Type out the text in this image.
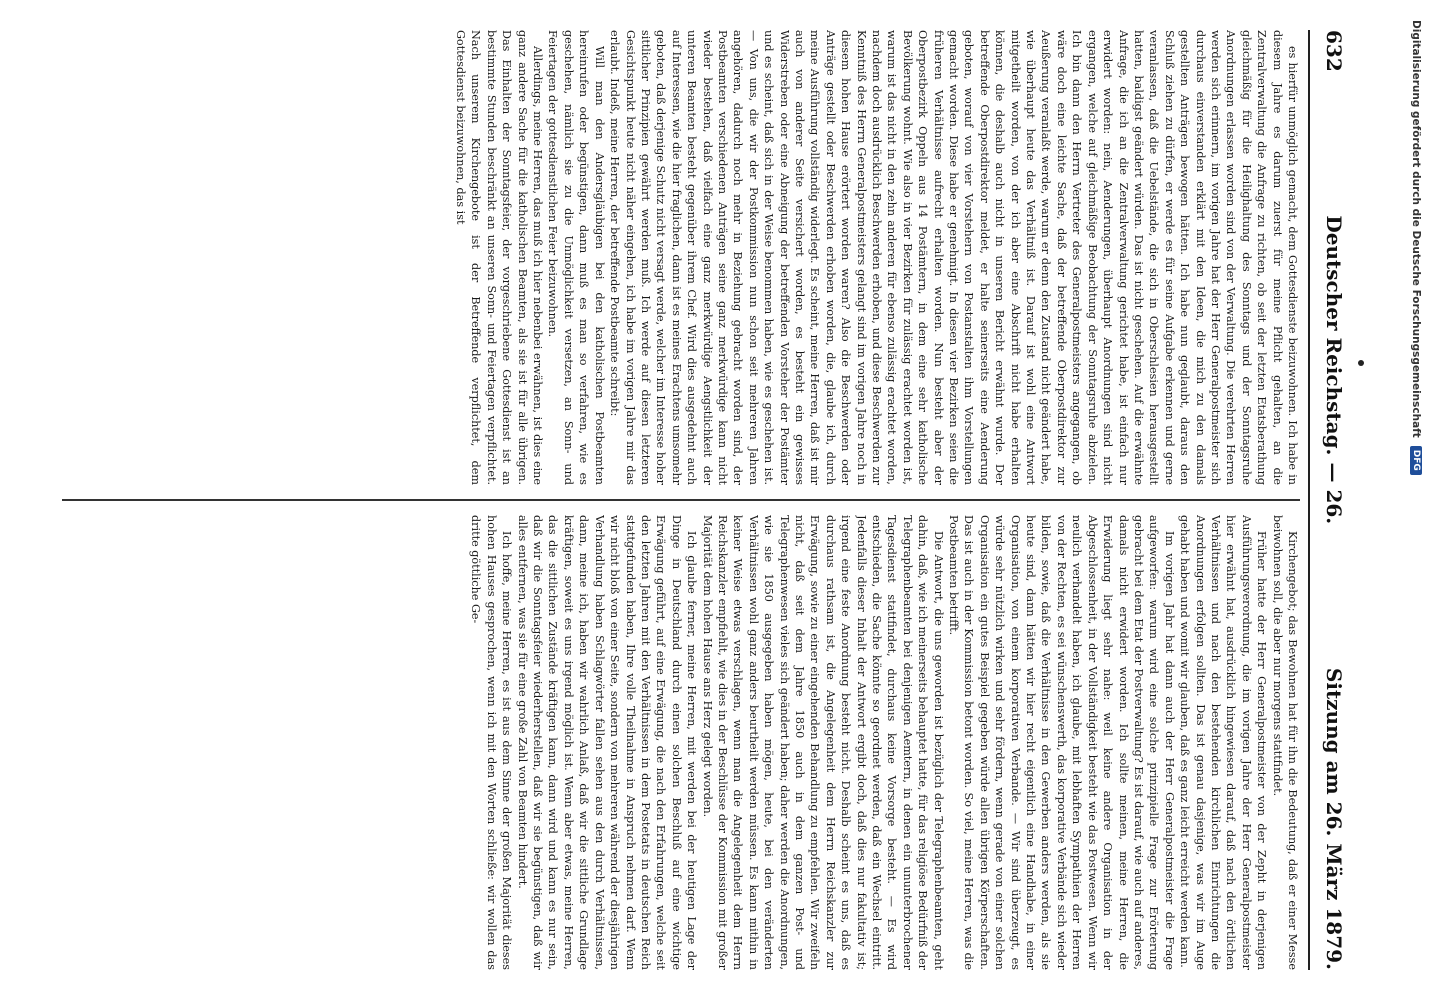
632
Deutscher Reichstag. — 26.
Sitzung am 26. März 1879.

es hierfür unmöglich gemacht, dem Gottesdienste beizuwohnen. Ich habe in diesem Jahre es darum zuerst für meine Pflicht gehalten, an die Zentralverwaltung die Anfrage zu richten, ob seit der letzten Etatsberathung gleichmäßig für die Heilighaltung des Sonntags und der Sonntagsruhe Anordnungen erlassen worden sind von der Verwaltung. Die verehrten Herren werden sich erinnern, im vorigen Jahre hat der Herr Generalpostmeister sich durchaus einverstanden erklärt mit den Ideen, die mich zu den damals gestellten Anträgen bewogen hätten. Ich habe nun geglaubt, daraus den Schluß ziehen zu dürfen, er werde es für seine Aufgabe erkennen und gerne veranlassen, daß die Uebelstände, die sich in Oberschlesien herausgestellt hatten, baldigst geändert würden. Das ist nicht geschehen. Auf die erwähnte Anfrage, die ich an die Zentralverwaltung gerichtet habe, ist einfach nur erwidert worden: nein, Aenderungen, überhaupt Anordnungen sind nicht ergangen, welche auf gleichmäßige Beobachtung der Sonntagsruhe abzielen. Ich bin dann den Herrn Vertreter des Generalpostmeisters angegangen, ob wäre doch eine leichte Sache, daß der betreffende Oberpostdirektor zur Aeußerung veranlaßt werde, warum er denn den Zustand nicht geändert habe, wie überhaupt heute das Verhältniß ist. Darauf ist wohl eine Antwort mitgetheilt worden, von der ich aber eine Abschrift nicht habe erhalten können, die deshalb auch nicht in unseren Bericht erwähnt wurde. Der betreffende Oberpostdirektor meldet, er halte seinerseits eine Aenderung geboten, worauf von vier Vorstehern von Postanstalten ihm Vorstellungen gemacht worden. Diese habe er genehmigt. In diesen vier Bezirken seien die früheren Verhältnisse aufrecht erhalten worden. Nun besteht aber der Oberpostbezirk Oppeln aus 14 Postämtern, in dem eine sehr katholische Bevölkerung wohnt. Wie also in vier Bezirken für zulässig erachtet worden ist, warum ist das nicht in den zehn anderen für ebenso zulässig erachtet worden, nachdem doch ausdrücklich Beschwerden erhoben, und diese Beschwerden zur Kenntniß des Herrn Generalpostmeisters gelangt sind im vorigen Jahre noch in diesem hohen Hause erörtert worden waren? Also die Beschwerden oder Anträge gestellt oder Beschwerden erhoben worden, die, glaube ich, durch meine Ausführung vollständig widerlegt. Es scheint, meine Herren, daß ist mir auch von anderer Seite versichert worden, es besteht ein gewisses Widerstreben oder eine Abneigung der betreffenden Vorsteher der Postämter und es scheint, daß sich in der Weise benommen haben, wie es geschehen ist. — Von uns, die wir der Postkommission nun schon seit mehreren Jahren angehören, dadurch noch mehr in Beziehung gebracht worden sind, der Postbeamten verschiedenen Anträgen seine ganz merkwürdige kann nicht wieder bestehen, daß vielfach eine ganz merkwürdige Aengstlichkeit der unteren Beamten besteht gegenüber ihrem Chef. Wird dies ausgedehnt auch auf Interessen, wie die hier fraglichen, dann ist es meines Erachtens umsomehr geboten, daß derjenige Schutz nicht versagt werde, welcher im Interesse hoher sittlicher Prinzipien gewährt werden muß. Ich werde auf diesen letzteren Gesichtspunkt heute nicht näher eingehen, ich habe im vorigen Jahre mir das erlaubt. Indeß, meine Herren, der betreffende Postbeamte schreibt:

Will man den Andersgläubigen bei den katholischen Postbeamten hereinrufen oder begünstigen, dann muß es man so verfahren, wie es geschehen, nämlich sie zu die Unmöglichkeit versetzen, an Sonn- und Feiertagen der gottesdienstlichen Feier beizuwohnen.

Allerdings, meine Herren, das muß ich hier nebenbei erwähnen, ist dies eine ganz andere Sache für die katholischen Beamten, als sie ist für alle übrigen. Das Einhalten der Sonntagsfeier, der vorgeschriebene Gottesdienst ist an bestimmte Stunden beschränkt an unseren Sonn- und Feiertagen verpflichtet. Nach unserem Kirchengebote ist der Betreffende verpflichtet, dem Gottesdienst beizuwohnen, das ist

Kirchengebot; das Bewohnen hat für ihn die Bedeutung, daß er einer Messe beiwohnen soll, die aber nur morgens stattfindet.

Früher hatte der Herr Generalpostmeister von der Zepht in derjenigen Ausführungsverordnung, die im vorigen Jahre der Herr Generalpostmeister hier erwähnt hat, ausdrücklich hingewiesen darauf, daß nach den örtlichen Verhältnissen und nach den bestehenden kirchlichen Einrichtungen die Anordnungen erfolgen sollten. Das ist genau dasjenige, was wir im Auge gehabt haben und womit wir glauben, daß es ganz leicht erreicht werden kann.

Im vorigen Jahr hat dann auch der Herr Generalpostmeister die Frage aufgeworfen: warum wird eine solche prinzipielle Frage zur Erörterung gebracht bei dem Etat der Postverwaltung? Es ist darauf, wie auch auf anderes, damals nicht erwidert worden. Ich sollte meinen, meine Herren, die Erwiderung liegt sehr nahe: weil keine andere Organisation in der Abgeschlossenheit, in der Vollständigkeit besteht wie das Postwesen. Wenn wir neulich verhandelt haben, ich glaube, mit lebhaften Sympathien der Herren von der Rechten, es sei wünschenswerth, das korporative Verbände sich wieder bilden, sowie, daß die Verhältnisse in den Gewerben anders werden, als sie heute sind, dann hätten wir hier recht eigentlich eine Handhabe, in einer Organisation, von einem korporativen Verbande. — Wir sind überzeugt, es würde sehr nützlich wirken und sehr fördern, wenn gerade von einer solchen Organisation ein gutes Beispiel gegeben würde allen übrigen Körperschaften. Das ist auch in der Kommission betont worden. So viel, meine Herren, was die Postbeamten betrifft.

Die Antwort, die uns geworden ist bezüglich der Telegraphenbeamten, geht dahin, daß, wie ich meinerseits behauptet hatte, für das religiöse Bedürfniß der Telegraphenbeamten bei denjenigen Aemtern, in denen ein ununterbrochener Tagesdienst stattfindet, durchaus keine Vorsorge besteht. — Es wird entschieden, die Sache könnte so geordnet werden, daß ein Wechsel eintritt. Jedenfalls dieser Inhalt der Antwort ergibt doch, daß dies nur fakultativ ist; irgend eine feste Anordnung besteht nicht. Deshalb scheint es uns, daß es durchaus rathsam ist, die Angelegenheit dem Herrn Reichskanzler zur Erwägung, sowie zu einer eingehenden Behandlung zu empfehlen. Wir zweifeln nicht, daß seit dem Jahre 1850 auch in dem ganzen Post- und Telegraphenwesen vieles sich geändert haben; daher werden die Anordnungen, wie sie 1850 ausgegeben haben mögen, heute, bei den veränderten Verhältnissen wohl ganz anders beurtheilt werden müssen. Es kann mithin in keiner Weise etwas verschlagen, wenn man die Angelegenheit dem Herrn Reichskanzler empfiehlt, wie dies in der Beschlüsse der Kommission mit großer Majorität dem hohen Hause ans Herz gelegt worden.

Ich glaube ferner, meine Herren, mit werden bei der heutigen Lage der Dinge in Deutschland durch einen solchen Beschluß auf eine wichtige Erwägung geführt, auf eine Erwägung, die nach den Erfahrungen, welche seit den letzten Jahren mit den Verhältnissen in dem Postetats in deutschen Reich stattgefunden haben, Ihre volle Theilnahme in Anspruch nehmen darf. Wenn wir nicht bloß von einer Seite, sondern von mehreren während der diesjährigen Verhandlung haben Schlagwörter fallen sehen aus den durch Verhältnissen, dann, meine ich, haben wir wahrlich Anlaß, daß wir die sittliche Grundlage kräftigen, soweit es uns irgend möglich ist. Wenn aber etwas, meine Herren, das die sittlichen Zustände kräftigen kann, dann wird und kann es nur sein, daß wir die Sonntagsfeier wiederherstellen, daß wir sie begünstigen, daß wir alles entfernen, was sie für eine große Zahl von Beamten hindert.

Ich hoffe, meine Herren, es ist aus dem Sinne der großen Majorität dieses hohen Hauses gesprochen, wenn ich mit den Worten schließe: wir wollen das dritte göttliche Ge-

Digitalisierung gefördert durch die Deutsche Forschungsgemeinschaft
DFG
